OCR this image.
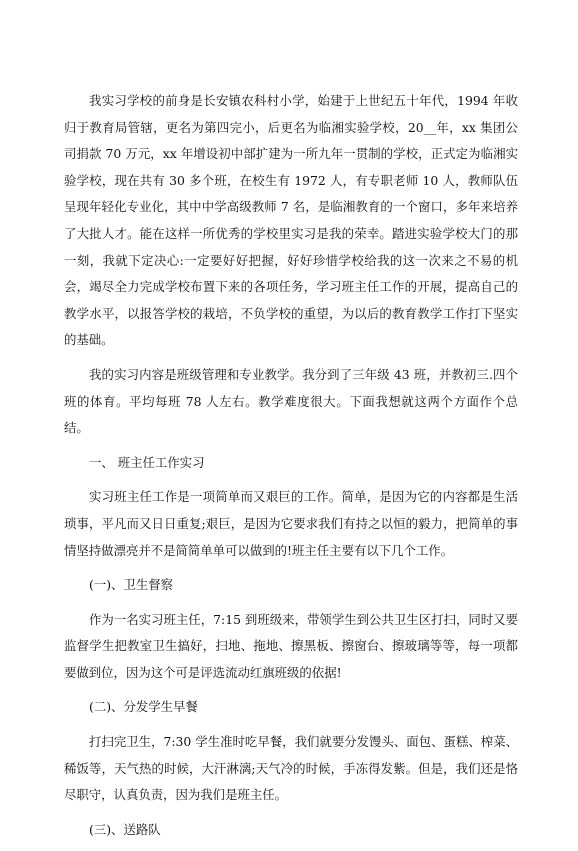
我实习学校的前身是长安镇农科村小学，始建于上世纪五十年代，1994 年收归于教育局管辖，更名为第四完小，后更名为临湘实验学校，20__年，xx 集团公司捐款 70 万元，xx 年增设初中部扩建为一所九年一贯制的学校，正式定为临湘实验学校，现在共有 30 多个班，在校生有 1972 人，有专职老师 10 人，教师队伍呈现年轻化专业化，其中中学高级教师 7 名，是临湘教育的一个窗口，多年来培养了大批人才。能在这样一所优秀的学校里实习是我的荣幸。踏进实验学校大门的那一刻，我就下定决心:一定要好好把握，好好珍惜学校给我的这一次来之不易的机会，竭尽全力完成学校布置下来的各项任务，学习班主任工作的开展，提高自己的教学水平，以报答学校的栽培，不负学校的重望，为以后的教育教学工作打下坚实的基础。

我的实习内容是班级管理和专业教学。我分到了三年级 43 班，并教初三.四个班的体育。平均每班 78 人左右。教学难度很大。下面我想就这两个方面作个总结。

一、 班主任工作实习

实习班主任工作是一项简单而又艰巨的工作。简单，是因为它的内容都是生活琐事，平凡而又日日重复;艰巨，是因为它要求我们有持之以恒的毅力，把简单的事情坚持做漂亮并不是简简单单可以做到的!班主任主要有以下几个工作。

(一)、卫生督察

作为一名实习班主任，7:15 到班级来，带领学生到公共卫生区打扫，同时又要监督学生把教室卫生搞好，扫地、拖地、擦黑板、擦窗台、擦玻璃等等，每一项都要做到位，因为这个可是评选流动红旗班级的依据!

(二)、分发学生早餐

打扫完卫生，7:30 学生准时吃早餐，我们就要分发馒头、面包、蛋糕、榨菜、稀饭等，天气热的时候，大汗淋漓;天气冷的时候，手冻得发紫。但是，我们还是恪尽职守，认真负责，因为我们是班主任。

(三)、送路队
